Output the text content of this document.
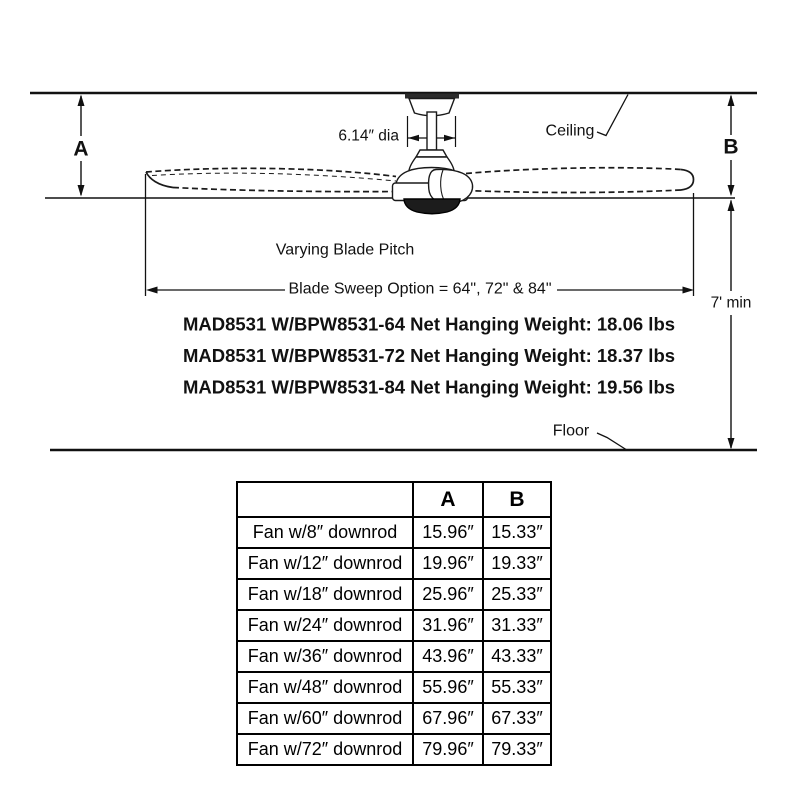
A	B
7' min
6.14″ dia	Ceiling
Floor
Varying Blade Pitch
Blade Sweep Option = 64", 72" & 84"
MAD8531 W/BPW8531-64 Net Hanging Weight: 18.06 lbs
MAD8531 W/BPW8531-72 Net Hanging Weight: 18.37 lbs
MAD8531 W/BPW8531-84 Net Hanging Weight: 19.56 lbs
	A	B
Fan w/8″ downrod	15.96″	15.33″
Fan w/12″ downrod	19.96″	19.33″
Fan w/18″ downrod	25.96″	25.33″
Fan w/24″ downrod	31.96″	31.33″
Fan w/36″ downrod	43.96″	43.33″
Fan w/48″ downrod	55.96″	55.33″
Fan w/60″ downrod	67.96″	67.33″
Fan w/72″ downrod	79.96″	79.33″
